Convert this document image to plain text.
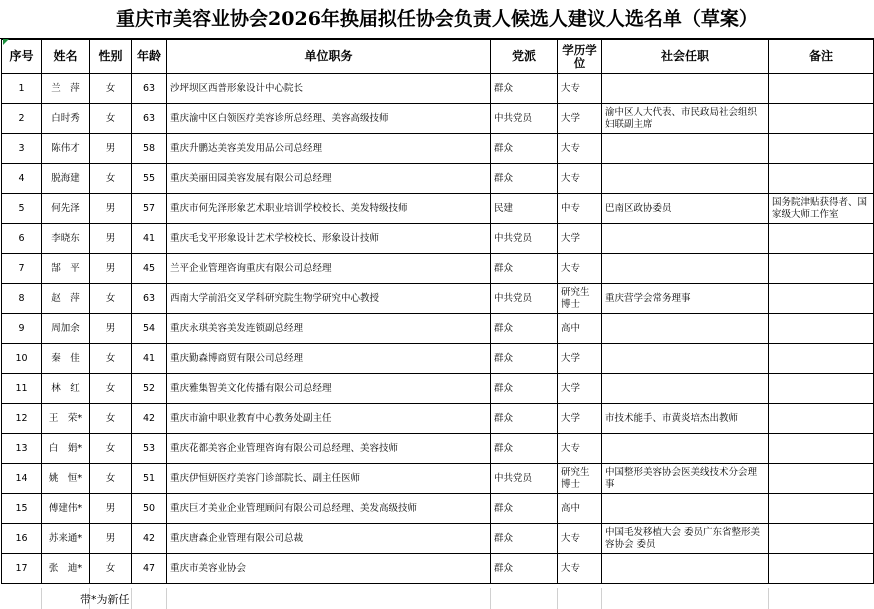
重庆市美容业协会2026年换届拟任协会负责人候选人建议人选名单（草案）
序号	姓名	性别	年龄	单位职务	党派	学历学位	社会任职	备注
1	兰　萍	女	63	沙坪坝区西普形象设计中心院长	群众	大专		
2	白时秀	女	63	重庆渝中区白领医疗美容诊所总经理、美容高级技师	中共党员	大学	渝中区人大代表、市民政局社会组织妇联副主席	
3	陈伟才	男	58	重庆升鹏达美容美发用品公司总经理	群众	大专		
4	脱海建	女	55	重庆美丽田园美容发展有限公司总经理	群众	大专		
5	何先泽	男	57	重庆市何先泽形象艺术职业培训学校校长、美发特级技师	民建	中专	巴南区政协委员	国务院津贴获得者、国家级大师工作室
6	李晓东	男	41	重庆毛戈平形象设计艺术学校校长、形象设计技师	中共党员	大学		
7	郜　平	男	45	兰平企业管理咨询重庆有限公司总经理	群众	大专		
8	赵　萍	女	63	西南大学前沿交叉学科研究院生物学研究中心教授	中共党员	研究生博士	重庆营学会常务理事	
9	周加余	男	54	重庆永琪美容美发连锁副总经理	群众	高中		
10	秦　佳	女	41	重庆勤森博商贸有限公司总经理	群众	大学		
11	林　红	女	52	重庆雅集智美文化传播有限公司总经理	群众	大学		
12	王　荣*	女	42	重庆市渝中职业教育中心教务处副主任	群众	大学	市技术能手、市黄炎培杰出教师	
13	白　娟*	女	53	重庆花都美容企业管理咨询有限公司总经理、美容技师	群众	大专		
14	姚　恒*	女	51	重庆伊恒妍医疗美容门诊部院长、副主任医师	中共党员	研究生博士	中国整形美容协会医美线技术分会理事	
15	傅建伟*	男	50	重庆巨才美业企业管理顾问有限公司总经理、美发高级技师	群众	高中		
16	苏来通*	男	42	重庆唐森企业管理有限公司总裁	群众	大专	中国毛发移植大会 委员广东省整形美容协会 委员	
17	张　迪*	女	47	重庆市美容业协会	群众	大专		
带*为新任
